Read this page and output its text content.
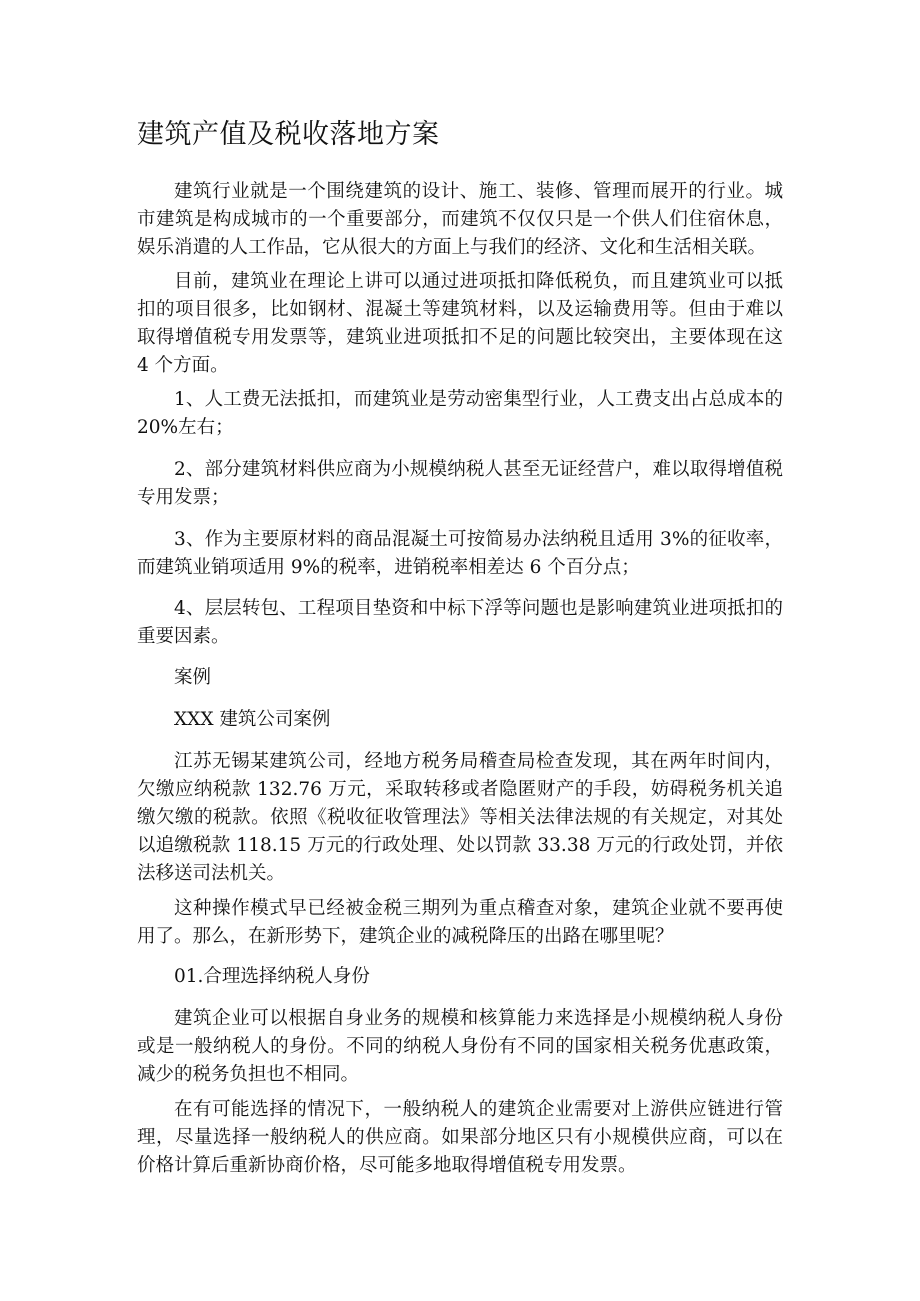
建筑产值及税收落地方案

建筑行业就是一个围绕建筑的设计、施工、装修、管理而展开的行业。城市建筑是构成城市的一个重要部分，而建筑不仅仅只是一个供人们住宿休息，娱乐消遣的人工作品，它从很大的方面上与我们的经济、文化和生活相关联。

目前，建筑业在理论上讲可以通过进项抵扣降低税负，而且建筑业可以抵扣的项目很多，比如钢材、混凝土等建筑材料，以及运输费用等。但由于难以取得增值税专用发票等，建筑业进项抵扣不足的问题比较突出，主要体现在这 4 个方面。

1、人工费无法抵扣，而建筑业是劳动密集型行业，人工费支出占总成本的 20%左右；

2、部分建筑材料供应商为小规模纳税人甚至无证经营户，难以取得增值税专用发票；

3、作为主要原材料的商品混凝土可按简易办法纳税且适用 3%的征收率，而建筑业销项适用 9%的税率，进销税率相差达 6 个百分点；

4、层层转包、工程项目垫资和中标下浮等问题也是影响建筑业进项抵扣的重要因素。

案例

XXX 建筑公司案例

江苏无锡某建筑公司，经地方税务局稽查局检查发现，其在两年时间内，欠缴应纳税款 132.76 万元，采取转移或者隐匿财产的手段，妨碍税务机关追缴欠缴的税款。依照《税收征收管理法》等相关法律法规的有关规定，对其处以追缴税款 118.15 万元的行政处理、处以罚款 33.38 万元的行政处罚，并依法移送司法机关。

这种操作模式早已经被金税三期列为重点稽查对象，建筑企业就不要再使用了。那么，在新形势下，建筑企业的减税降压的出路在哪里呢？

01.合理选择纳税人身份

建筑企业可以根据自身业务的规模和核算能力来选择是小规模纳税人身份或是一般纳税人的身份。不同的纳税人身份有不同的国家相关税务优惠政策，减少的税务负担也不相同。

在有可能选择的情况下，一般纳税人的建筑企业需要对上游供应链进行管理，尽量选择一般纳税人的供应商。如果部分地区只有小规模供应商，可以在价格计算后重新协商价格，尽可能多地取得增值税专用发票。
